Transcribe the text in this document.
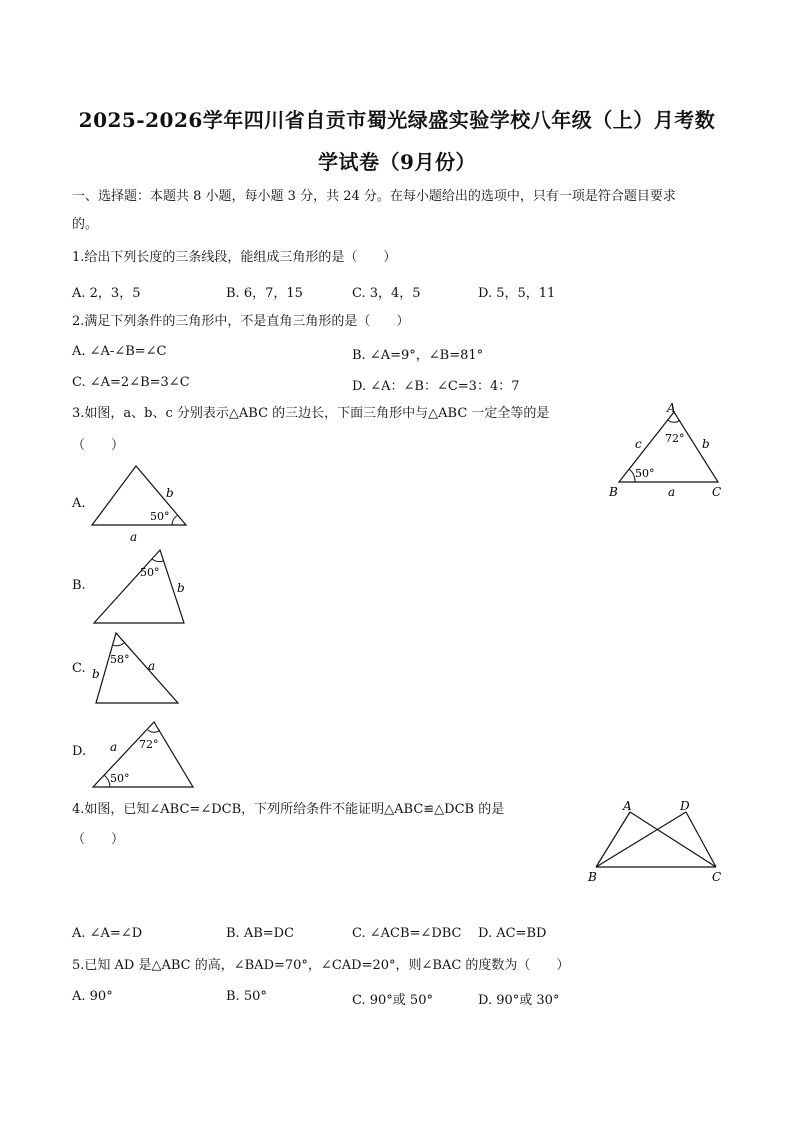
2025-2026学年四川省自贡市蜀光绿盛实验学校八年级（上）月考数
学试卷（9月份）
一、选择题：本题共 8 小题，每小题 3 分，共 24 分。在每小题给出的选项中，只有一项是符合题目要求
的。
1.给出下列长度的三条线段，能组成三角形的是（　　）
A. 2，3，5	B. 6，7，15	C. 3，4，5	D. 5，5，11
2.满足下列条件的三角形中，不是直角三角形的是（　　）
A. ∠A-∠B=∠C	B. ∠A=9°，∠B=81°
C. ∠A=2∠B=3∠C	D. ∠A：∠B：∠C=3：4：7
3.如图，a、b、c 分别表示△ABC 的三边长，下面三角形中与△ABC 一定全等的是
（　　）
A
B	C
a
b
c 72°
50°
A.
b
a
50°
B.	b
50°
C. b
a
58°
D. a 72°
50°
4.如图，已知∠ABC=∠DCB，下列所给条件不能证明△ABC≌△DCB 的是
（　　）
A	D
B	C
A. ∠A=∠D	B. AB=DC	C. ∠ACB=∠DBC D. AC=BD
5.已知 AD 是△ABC 的高，∠BAD=70°，∠CAD=20°，则∠BAC 的度数为（　　）
A. 90°	B. 50°	C. 90°或 50°	D. 90°或 30°
